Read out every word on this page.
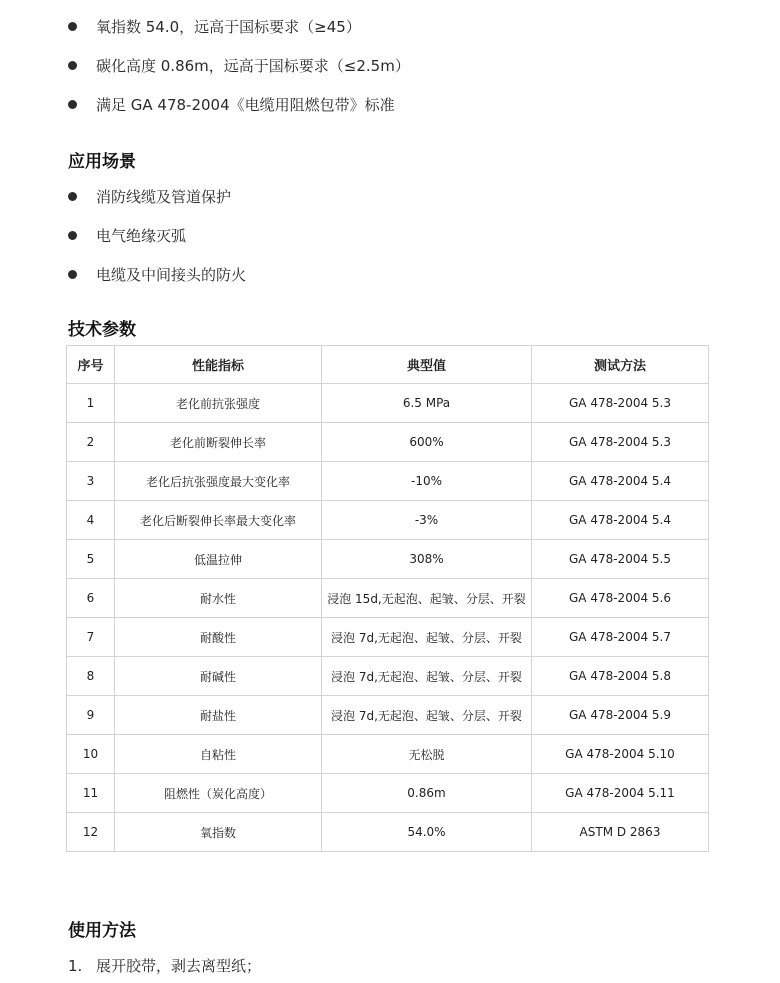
氧指数 54.0，远高于国标要求（≥45）
碳化高度 0.86m，远高于国标要求（≤2.5m）
满足 GA 478-2004《电缆用阻燃包带》标准
应用场景
消防线缆及管道保护
电气绝缘灭弧
电缆及中间接头的防火
技术参数
序号	性能指标	典型值	测试方法
1	老化前抗张强度	6.5 MPa	GA 478-2004 5.3
2	老化前断裂伸长率	600%	GA 478-2004 5.3
3	老化后抗张强度最大变化率	-10%	GA 478-2004 5.4
4	老化后断裂伸长率最大变化率	-3%	GA 478-2004 5.4
5	低温拉伸	308%	GA 478-2004 5.5
6	耐水性	浸泡 15d,无起泡、起皱、分层、开裂	GA 478-2004 5.6
7	耐酸性	浸泡 7d,无起泡、起皱、分层、开裂	GA 478-2004 5.7
8	耐碱性	浸泡 7d,无起泡、起皱、分层、开裂	GA 478-2004 5.8
9	耐盐性	浸泡 7d,无起泡、起皱、分层、开裂	GA 478-2004 5.9
10	自粘性	无松脱	GA 478-2004 5.10
11	阻燃性（炭化高度）	0.86m	GA 478-2004 5.11
12	氧指数	54.0%	ASTM D 2863
使用方法
1. 展开胶带，剥去离型纸；
